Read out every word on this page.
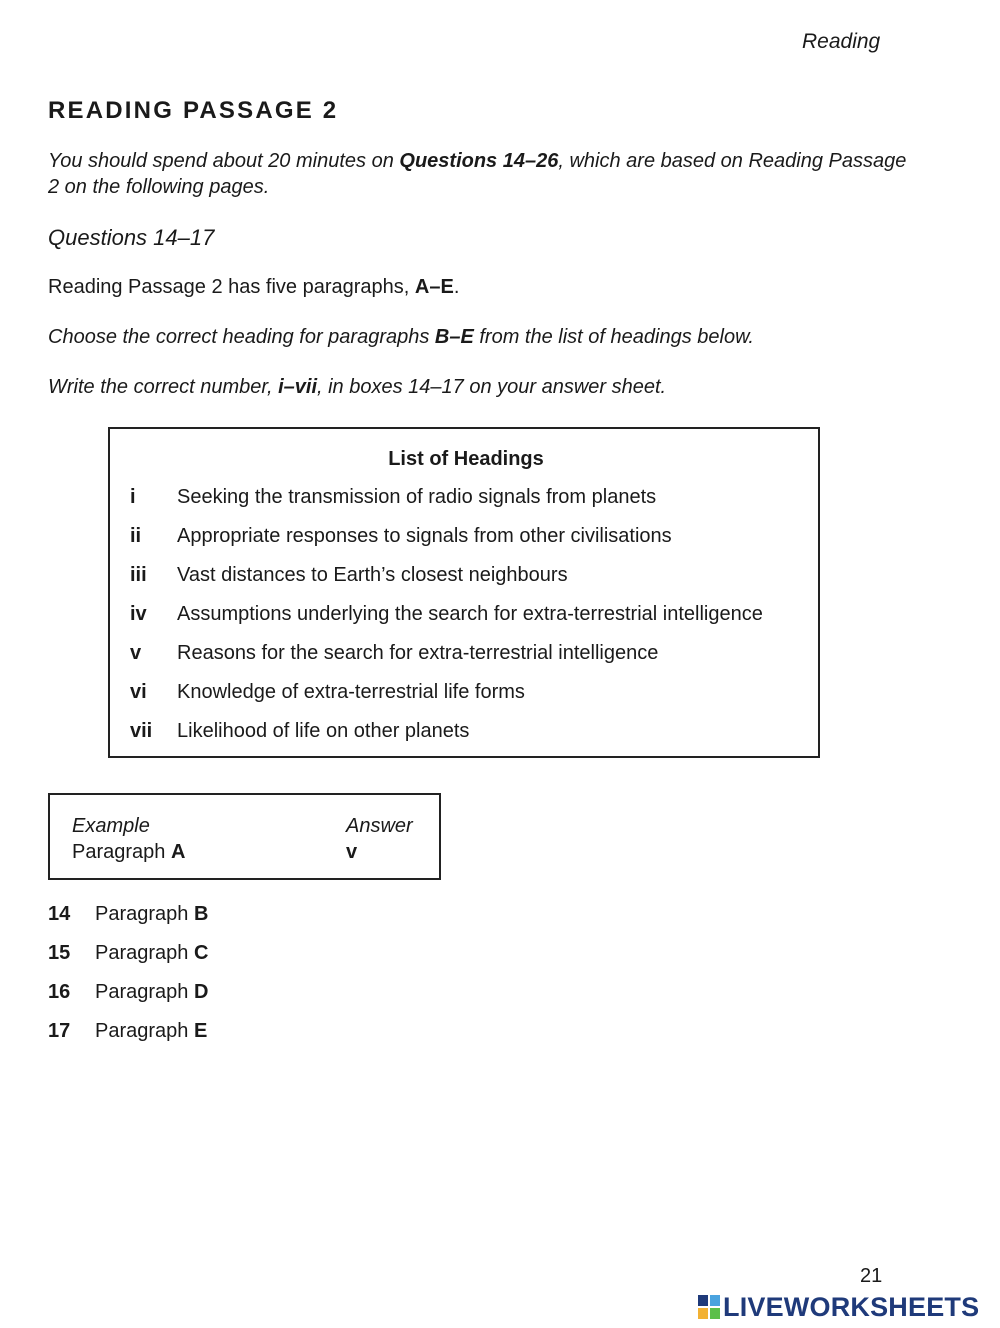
Reading
READING PASSAGE 2
You should spend about 20 minutes on Questions 14–26, which are based on Reading Passage 2 on the following pages.
Questions 14–17
Reading Passage 2 has five paragraphs, A–E.
Choose the correct heading for paragraphs B–E from the list of headings below.
Write the correct number, i–vii, in boxes 14–17 on your answer sheet.
List of Headings
i	Seeking the transmission of radio signals from planets
ii	Appropriate responses to signals from other civilisations
iii	Vast distances to Earth’s closest neighbours
iv	Assumptions underlying the search for extra-terrestrial intelligence
v	Reasons for the search for extra-terrestrial intelligence
vi	Knowledge of extra-terrestrial life forms
vii	Likelihood of life on other planets
Example	Answer
Paragraph A	v
14 Paragraph B
15 Paragraph C
16 Paragraph D
17 Paragraph E
21
LIVEWORKSHEETS
